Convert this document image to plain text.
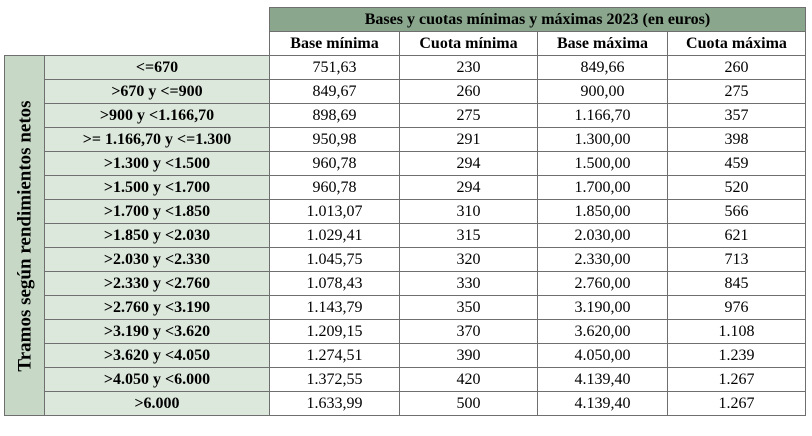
		Bases y cuotas mínimas y máximas 2023 (en euros)			
		Base mínima	Cuota mínima	Base máxima	Cuota máxima

Tramos según rendimientos netos	<=670	751,63	230	849,66	260
	>670 y <=900	849,67	260	900,00	275
	>900 y <1.166,70	898,69	275	1.166,70	357
	>= 1.166,70 y <=1.300	950,98	291	1.300,00	398
	>1.300 y <1.500	960,78	294	1.500,00	459
	>1.500 y <1.700	960,78	294	1.700,00	520
	>1.700 y <1.850	1.013,07	310	1.850,00	566
	>1.850 y <2.030	1.029,41	315	2.030,00	621
	>2.030 y <2.330	1.045,75	320	2.330,00	713
	>2.330 y <2.760	1.078,43	330	2.760,00	845
	>2.760 y <3.190	1.143,79	350	3.190,00	976
	>3.190 y <3.620	1.209,15	370	3.620,00	1.108
	>3.620 y <4.050	1.274,51	390	4.050,00	1.239
	>4.050 y <6.000	1.372,55	420	4.139,40	1.267
	>6.000	1.633,99	500	4.139,40	1.267
